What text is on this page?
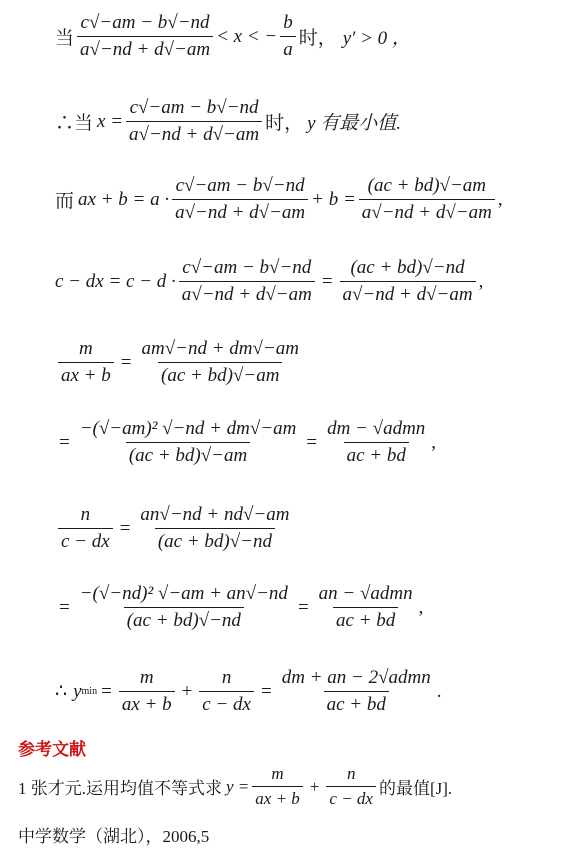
当 $\frac{c√-am - b√-nd}{a√-nd + d√-am} < x$ < − $\frac{b}{a}$ 时， y′ > 0 ，
∴当 $x = \frac{c√-am - b√-nd}{a√-nd + d√-am}$ 时， y 有最小值.
而 ax + $b = a \cdot \frac{c√-am - b√-nd}{a√-nd + d√-am} + b = \frac{(ac + bd)√-am}{a√-nd + d√-am}$ ,
c − dx = $c - d \cdot \frac{c√-am - b√-nd}{a√-nd + d√-am} = \frac{(ac + bd)√-nd}{a√-nd + d√-am}$ ,
$\frac{m}{ax + b} = \frac{am√-nd + dm√-am}{(ac + bd)√-am}$
= $\frac{\text{−(√−am)² √−nd + dm√−am}}{(ac + bd)√-am} = \frac{\text{dm − √admn}}{ac + bd}$ ,
$\frac{n}{c - dx} = \frac{an√-nd + nd√-am}{(ac + bd)√-nd}$
= $\frac{\text{−(√−nd)² √−am + an√−nd}}{(ac + bd)√-nd} = \frac{\text{an − √admn}}{ac + bd}$ ,
∴ y $\min = \frac{m}{ax + b} + \frac{n}{c - dx} = \frac{\text{dm + an − 2√admn}}{ac + bd}$ .
参考文献
1 张才元.运用均值不等式求 $y = \frac{m}{ax + b} + \frac{n}{c - dx}$ 的最值[J].
中学数学（湖北），2006,5
